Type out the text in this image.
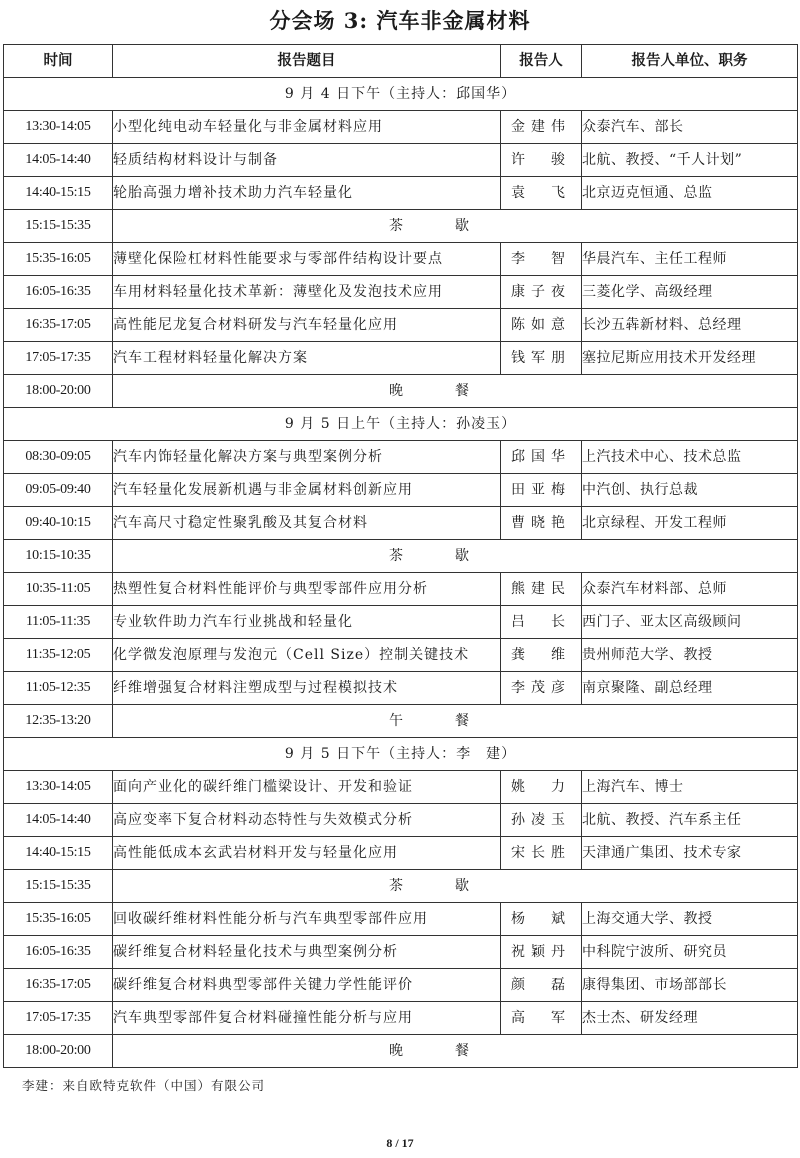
分会场 3: 汽车非金属材料
时间	报告题目	报告人	报告人单位、职务
9 月 4 日下午（主持人：邱国华）			
13:30-14:05	小型化纯电动车轻量化与非金属材料应用	金建伟	众泰汽车、部长
14:05-14:40	轻质结构材料设计与制备	许　骏	北航、教授、“千人计划”
14:40-15:15	轮胎高强力增补技术助力汽车轻量化	袁　飞	北京迈克恒通、总监
15:15-15:35	茶歇		
15:35-16:05	薄壁化保险杠材料性能要求与零部件结构设计要点	李　智	华晨汽车、主任工程师
16:05-16:35	车用材料轻量化技术革新：薄壁化及发泡技术应用	康子夜	三菱化学、高级经理
16:35-17:05	高性能尼龙复合材料研发与汽车轻量化应用	陈如意	长沙五犇新材料、总经理
17:05-17:35	汽车工程材料轻量化解决方案	钱军朋	塞拉尼斯应用技术开发经理
18:00-20:00	晚餐		
9 月 5 日上午（主持人：孙凌玉）			
08:30-09:05	汽车内饰轻量化解决方案与典型案例分析	邱国华	上汽技术中心、技术总监
09:05-09:40	汽车轻量化发展新机遇与非金属材料创新应用	田亚梅	中汽创、执行总裁
09:40-10:15	汽车高尺寸稳定性聚乳酸及其复合材料	曹晓艳	北京绿程、开发工程师
10:15-10:35	茶歇		
10:35-11:05	热塑性复合材料性能评价与典型零部件应用分析	熊建民	众泰汽车材料部、总师
11:05-11:35	专业软件助力汽车行业挑战和轻量化	吕　长	西门子、亚太区高级顾问
11:35-12:05	化学微发泡原理与发泡元（Cell Size）控制关键技术	龚　维	贵州师范大学、教授
11:05-12:35	纤维增强复合材料注塑成型与过程模拟技术	李茂彦	南京聚隆、副总经理
12:35-13:20	午餐		
9 月 5 日下午（主持人：李　建）			
13:30-14:05	面向产业化的碳纤维门槛梁设计、开发和验证	姚　力	上海汽车、博士
14:05-14:40	高应变率下复合材料动态特性与失效模式分析	孙凌玉	北航、教授、汽车系主任
14:40-15:15	高性能低成本玄武岩材料开发与轻量化应用	宋长胜	天津通广集团、技术专家
15:15-15:35	茶歇		
15:35-16:05	回收碳纤维材料性能分析与汽车典型零部件应用	杨　斌	上海交通大学、教授
16:05-16:35	碳纤维复合材料轻量化技术与典型案例分析	祝颖丹	中科院宁波所、研究员
16:35-17:05	碳纤维复合材料典型零部件关键力学性能评价	颜　磊	康得集团、市场部部长
17:05-17:35	汽车典型零部件复合材料碰撞性能分析与应用	高　军	杰士杰、研发经理
18:00-20:00	晚餐		
李建：来自欧特克软件（中国）有限公司
8 / 17
